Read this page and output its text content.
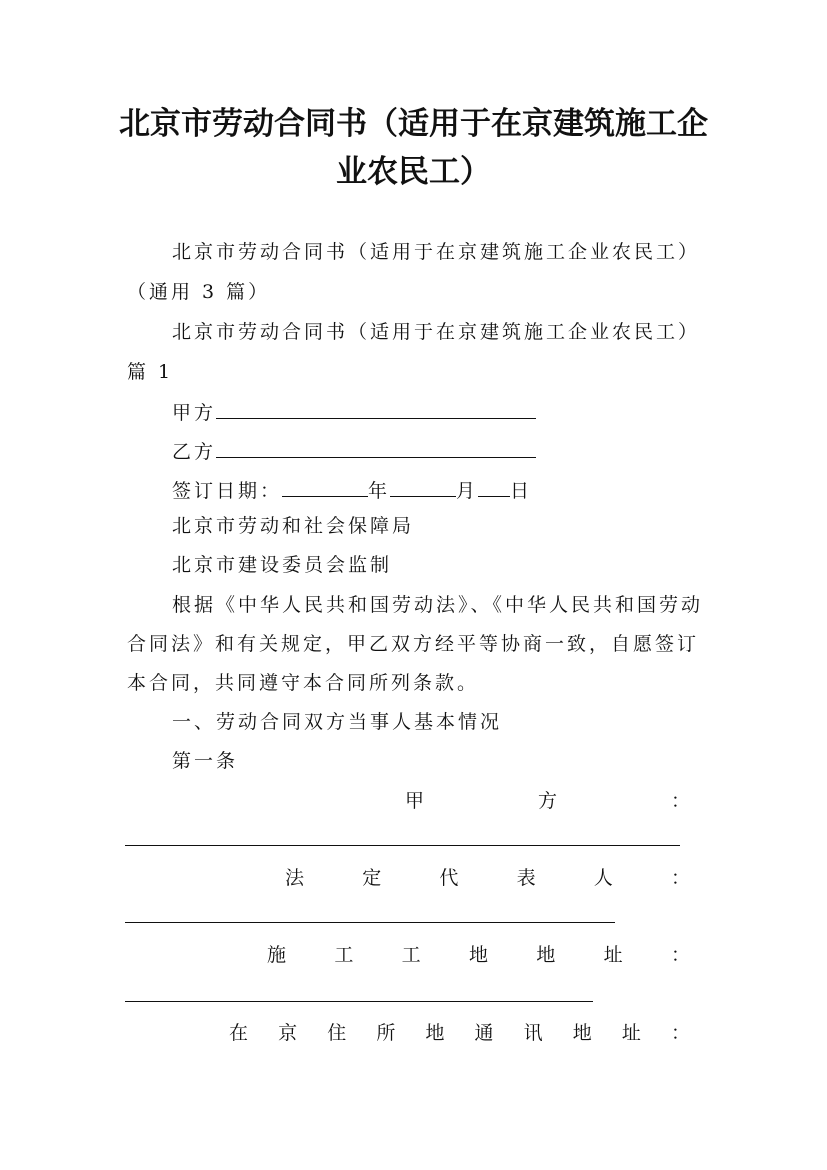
北京市劳动合同书（适用于在京建筑施工企
业农民工）
北京市劳动合同书（适用于在京建筑施工企业农民工）
（通用 3 篇）
北京市劳动合同书（适用于在京建筑施工企业农民工）
篇 1
甲方
乙方
签订日期：	年	月 日
北京市劳动和社会保障局
北京市建设委员会监制
根据《中华人民共和国劳动法》、《中华人民共和国劳动
合同法》和有关规定，甲乙双方经平等协商一致，自愿签订
本合同，共同遵守本合同所列条款。
一、劳动合同双方当事人基本情况
第一条
甲	方	：
法	定	代	表	人	：
施	工	工	地	地	址	：
在 京 住 所 地 通 讯 地 址 ：
